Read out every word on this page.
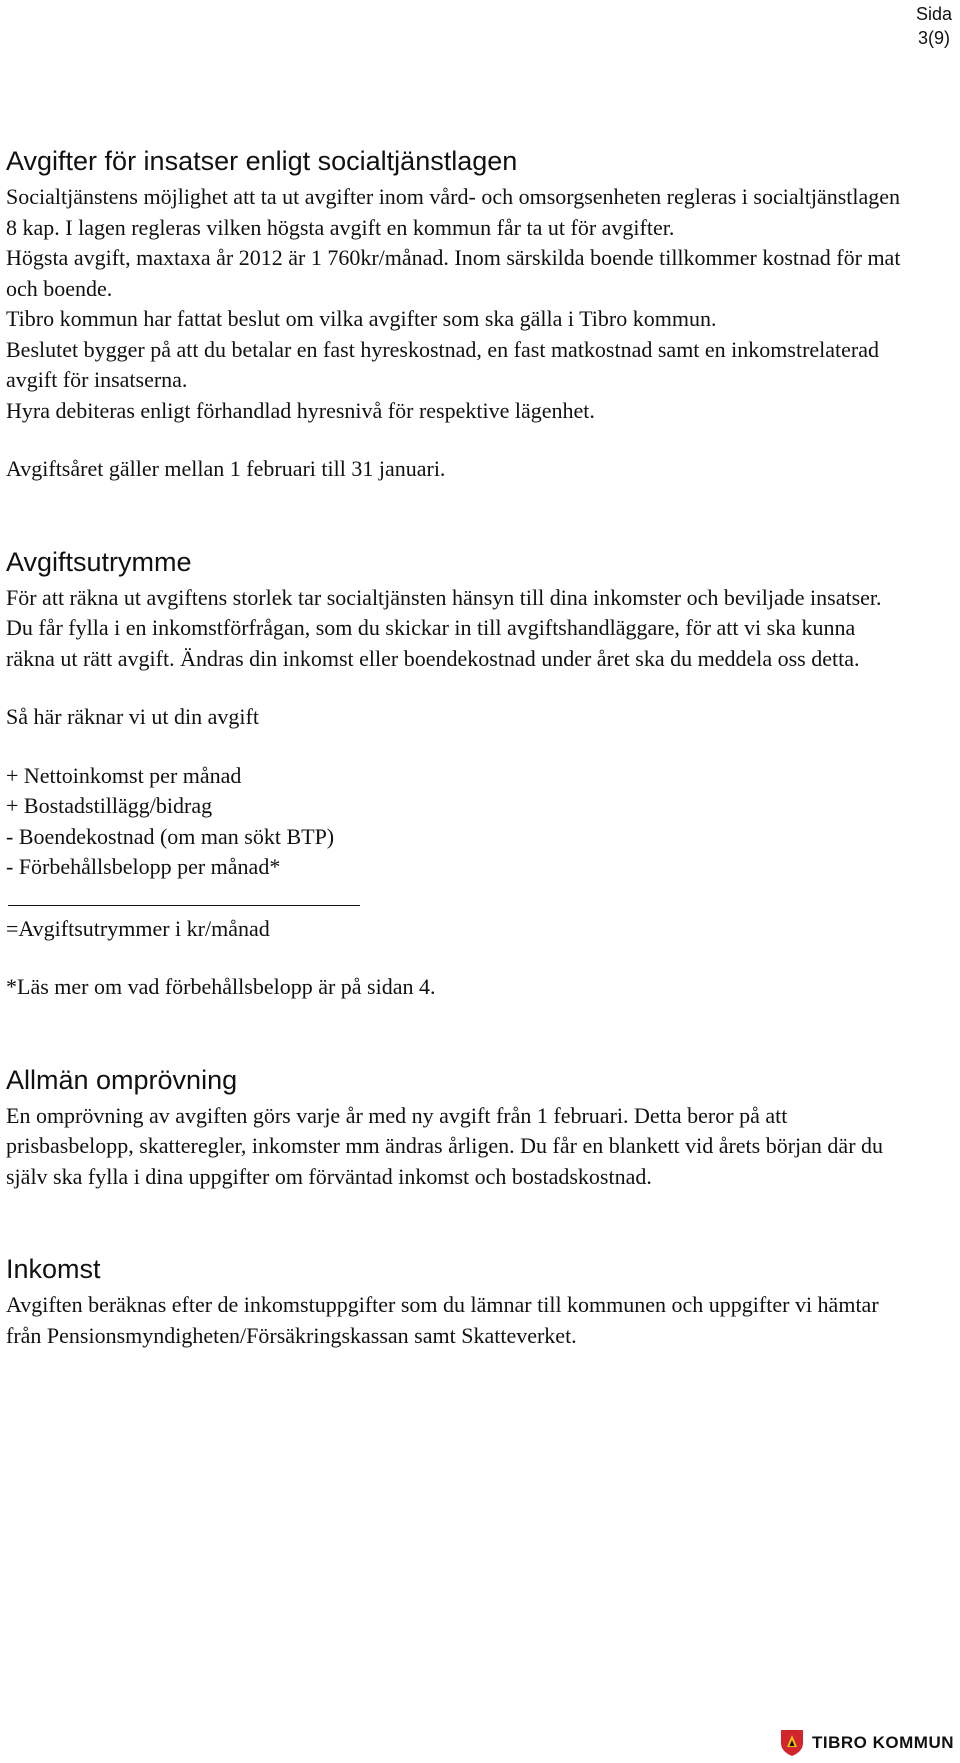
Sida
3(9)
Avgifter för insatser enligt socialtjänstlagen

Socialtjänstens möjlighet att ta ut avgifter inom vård- och omsorgsenheten regleras i socialtjänstlagen 8 kap. I lagen regleras vilken högsta avgift en kommun får ta ut för avgifter.

Högsta avgift, maxtaxa år 2012 är 1 760kr/månad. Inom särskilda boende tillkommer kostnad för mat och boende.

Tibro kommun har fattat beslut om vilka avgifter som ska gälla i Tibro kommun.

Beslutet bygger på att du betalar en fast hyreskostnad, en fast matkostnad samt en inkomstrelaterad avgift för insatserna.

Hyra debiteras enligt förhandlad hyresnivå för respektive lägenhet.

Avgiftsåret gäller mellan 1 februari till 31 januari.

Avgiftsutrymme

För att räkna ut avgiftens storlek tar socialtjänsten hänsyn till dina inkomster och beviljade insatser. Du får fylla i en inkomstförfrågan, som du skickar in till avgiftshandläggare, för att vi ska kunna räkna ut rätt avgift. Ändras din inkomst eller boendekostnad under året ska du meddela oss detta.

Så här räknar vi ut din avgift

+ Nettoinkomst per månad
+ Bostadstillägg/bidrag
- Boendekostnad (om man sökt BTP)
- Förbehållsbelopp per månad*

=Avgiftsutrymmer i kr/månad

*Läs mer om vad förbehållsbelopp är på sidan 4.

Allmän omprövning

En omprövning av avgiften görs varje år med ny avgift från 1 februari. Detta beror på att prisbasbelopp, skatteregler, inkomster mm ändras årligen. Du får en blankett vid årets början där du själv ska fylla i dina uppgifter om förväntad inkomst och bostadskostnad.

Inkomst

Avgiften beräknas efter de inkomstuppgifter som du lämnar till kommunen och uppgifter vi hämtar från Pensionsmyndigheten/Försäkringskassan samt Skatteverket.

TIBRO KOMMUN
